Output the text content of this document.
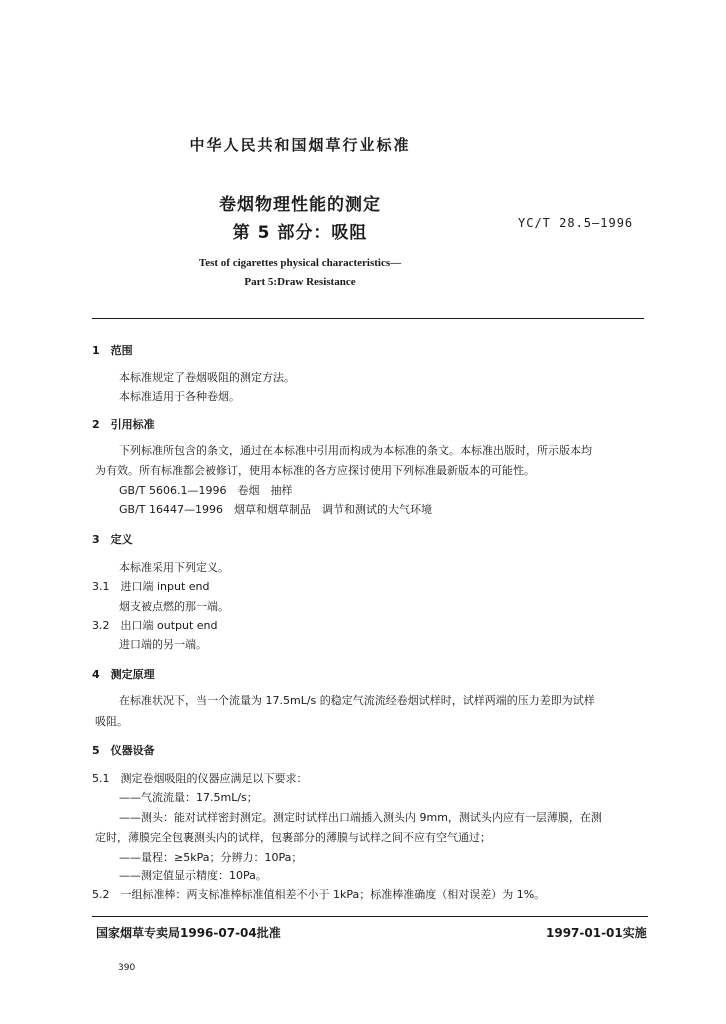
中华人民共和国烟草行业标准
卷烟物理性能的测定
第 5 部分：吸阻	YC/T 28.5—1996
Test of cigarettes physical characteristics—
Part 5:Draw Resistance
1　范围
本标准规定了卷烟吸阻的测定方法。
本标准适用于各种卷烟。
2　引用标准
下列标准所包含的条文，通过在本标准中引用而构成为本标准的条文。本标准出版时，所示版本均
为有效。所有标准都会被修订，使用本标准的各方应探讨使用下列标准最新版本的可能性。
GB/T 5606.1—1996　卷烟　抽样
GB/T 16447—1996　烟草和烟草制品　调节和测试的大气环境
3　定义
本标准采用下列定义。
3.1　进口端 input end
烟支被点燃的那一端。
3.2　出口端 output end
进口端的另一端。
4　测定原理
在标准状况下，当一个流量为 17.5mL/s 的稳定气流流经卷烟试样时，试样两端的压力差即为试样
吸阻。
5　仪器设备
5.1　测定卷烟吸阻的仪器应满足以下要求：
——气流流量：17.5mL/s；
——测头：能对试样密封测定。测定时试样出口端插入测头内 9mm，测试头内应有一层薄膜，在测
定时，薄膜完全包裹测头内的试样，包裹部分的薄膜与试样之间不应有空气通过；
——量程：≥5kPa；分辨力：10Pa；
——测定值显示精度：10Pa。
5.2　一组标准棒：两支标准棒标准值相差不小于 1kPa；标准棒准确度（相对误差）为 1%。
国家烟草专卖局1996-07-04批准	1997-01-01实施
390
